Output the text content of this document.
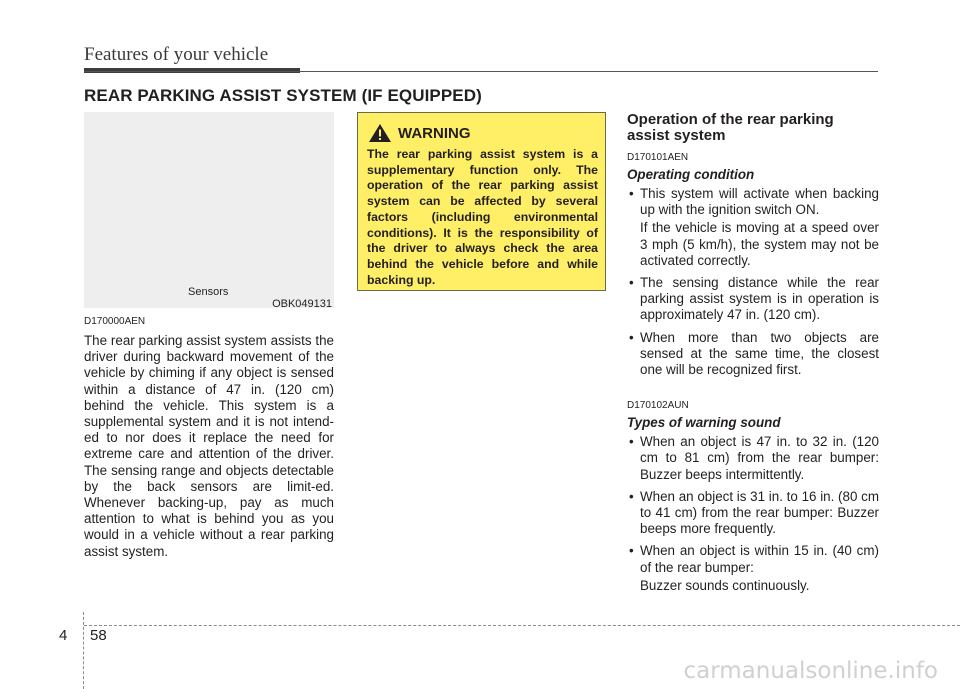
Features of your vehicle
REAR PARKING ASSIST SYSTEM (IF EQUIPPED)
Sensors
OBK049131
D170000AEN
The rear parking assist system assists the driver during backward movement of the vehicle by chiming if any object is sensed within a distance of 47 in. (120 cm) behind the vehicle. This system is a supplemental system and it is not intend-ed to nor does it replace the need for extreme care and attention of the driver. The sensing range and objects detectable by the back sensors are limit-ed. Whenever backing-up, pay as much attention to what is behind you as you would in a vehicle without a rear parking assist system.
WARNING
The rear parking assist system is a supplementary function only. The operation of the rear parking assist system can be affected by several factors (including environmental conditions). It is the responsibility of the driver to always check the area behind the vehicle before and while backing up.
Operation of the rear parking assist system
D170101AEN
Operating condition
• This system will activate when backing up with the ignition switch ON.
If the vehicle is moving at a speed over 3 mph (5 km/h), the system may not be activated correctly.
• The sensing distance while the rear parking assist system is in operation is approximately 47 in. (120 cm).
• When more than two objects are sensed at the same time, the closest one will be recognized first.
D170102AUN
Types of warning sound
• When an object is 47 in. to 32 in. (120 cm to 81 cm) from the rear bumper: Buzzer beeps intermittently.
• When an object is 31 in. to 16 in. (80 cm to 41 cm) from the rear bumper: Buzzer beeps more frequently.
• When an object is within 15 in. (40 cm) of the rear bumper:
Buzzer sounds continuously.
4 58
carmanualsonline.info
